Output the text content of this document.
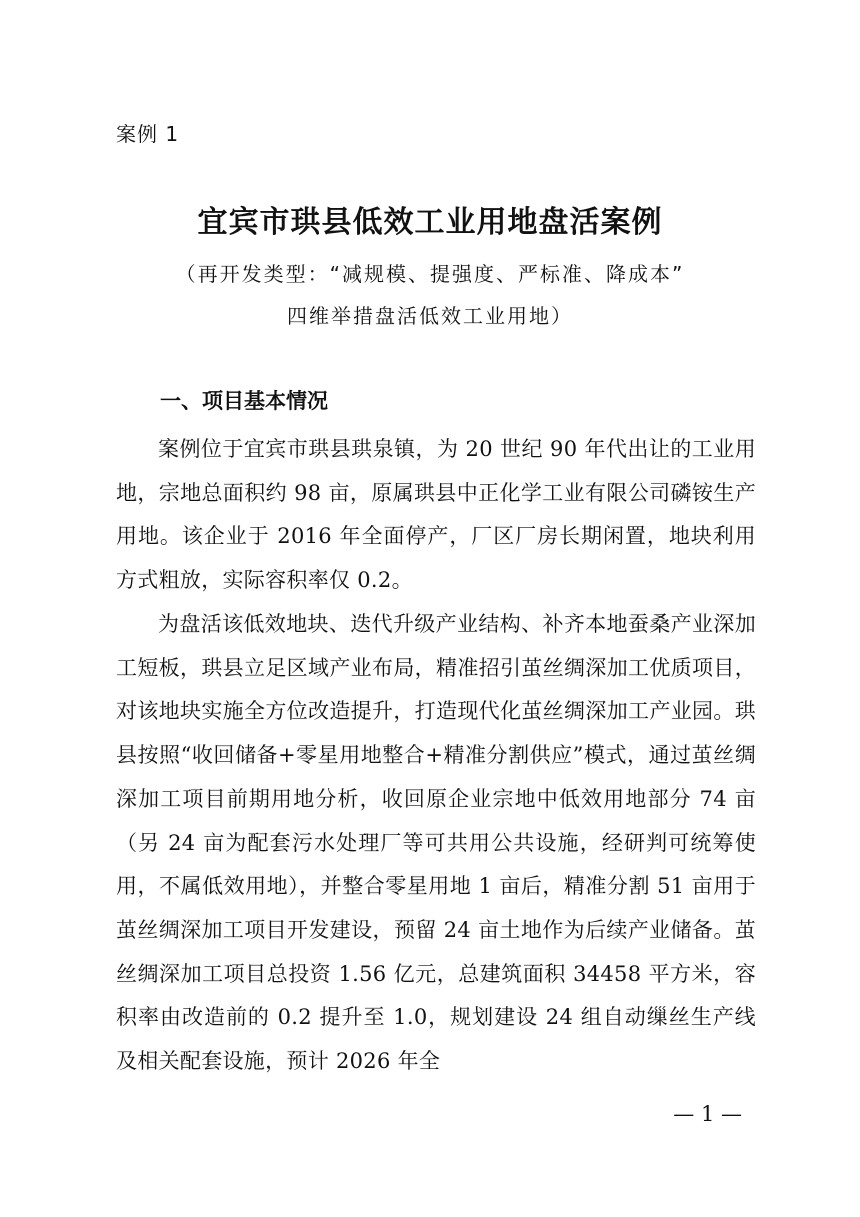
案例 1
宜宾市珙县低效工业用地盘活案例
（再开发类型：“减规模、提强度、严标准、降成本”
四维举措盘活低效工业用地）
一、项目基本情况

案例位于宜宾市珙县珙泉镇，为 20 世纪 90 年代出让的工业用地，宗地总面积约 98 亩，原属珙县中正化学工业有限公司磷铵生产用地。该企业于 2016 年全面停产，厂区厂房长期闲置，地块利用方式粗放，实际容积率仅 0.2。

为盘活该低效地块、迭代升级产业结构、补齐本地蚕桑产业深加工短板，珙县立足区域产业布局，精准招引茧丝绸深加工优质项目，对该地块实施全方位改造提升，打造现代化茧丝绸深加工产业园。珙县按照“收回储备+零星用地整合+精准分割供应”模式，通过茧丝绸深加工项目前期用地分析，收回原企业宗地中低效用地部分 74 亩（另 24 亩为配套污水处理厂等可共用公共设施，经研判可统筹使用，不属低效用地），并整合零星用地 1 亩后，精准分割 51 亩用于茧丝绸深加工项目开发建设，预留 24 亩土地作为后续产业储备。茧丝绸深加工项目总投资 1.56 亿元，总建筑面积 34458 平方米，容积率由改造前的 0.2 提升至 1.0，规划建设 24 组自动缫丝生产线及相关配套设施，预计 2026 年全

— 1 —
